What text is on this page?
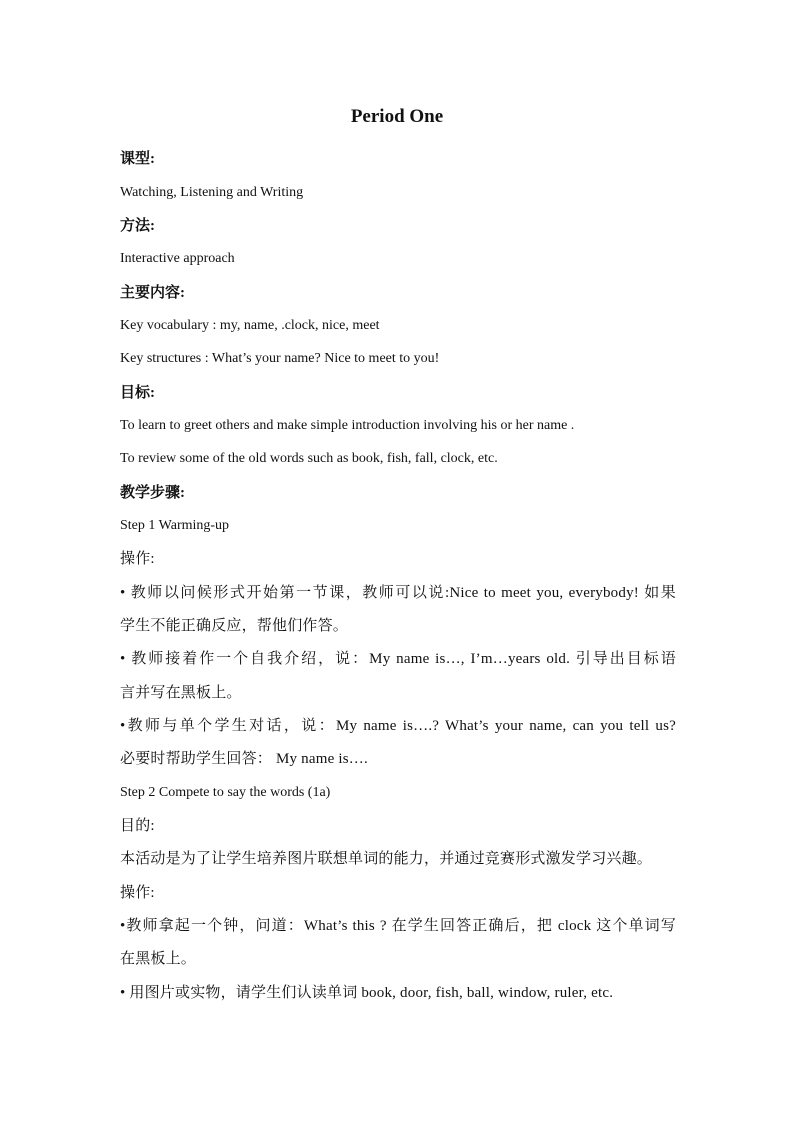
Period One
课型:
Watching, Listening and Writing
方法:
Interactive approach
主要内容:
Key vocabulary : my, name, .clock, nice, meet
Key structures : What’s your name? Nice to meet to you!
目标:
To learn to greet others and make simple introduction involving his or her name .
To review some of the old words such as book, fish, fall, clock, etc.
教学步骤:
Step 1 Warming-up
操作:
• 教师以问候形式开始第一节课，教师可以说:Nice to meet you, everybody! 如果
学生不能正确反应，帮他们作答。
• 教师接着作一个自我介绍，说：My name is…, I’m…years old. 引导出目标语
言并写在黑板上。
•教师与单个学生对话，说：My name is….? What’s your name, can you tell us?
必要时帮助学生回答： My name is….
Step 2 Compete to say the words (1a)
目的:
本活动是为了让学生培养图片联想单词的能力，并通过竞赛形式激发学习兴趣。
操作:
•教师拿起一个钟，问道：What’s this ? 在学生回答正确后，把 clock 这个单词写
在黑板上。
• 用图片或实物，请学生们认读单词 book, door, fish, ball, window, ruler, etc.
